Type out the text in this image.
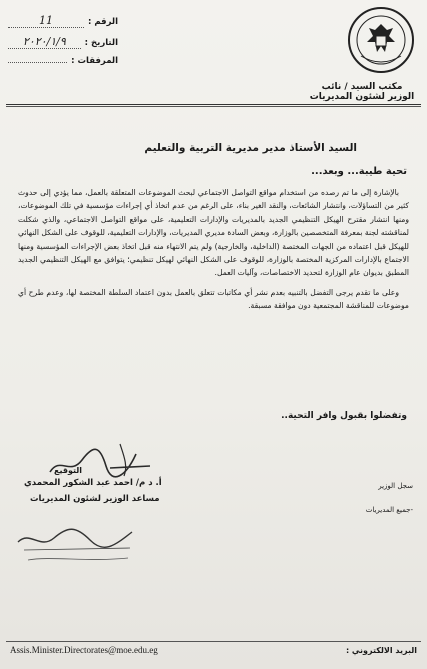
الرقم :
11
التاريخ :
٢٠٢٠/١/٩
المرفقات :
مكتب السيد / نائب الوزير لشئون المديريات
السيد الأستاذ مدير مديرية التربية والتعليم
تحية طيبة... وبعد...

بالإشارة إلى ما تم رصده من استخدام مواقع التواصل الاجتماعي لبحث الموضوعات المتعلقة بالعمل، مما يؤدي إلى حدوث كثير من التساؤلات، وانتشار الشائعات، والنقد الغير بناء، على الرغم من عدم اتخاذ أي إجراءات مؤسسية في تلك الموضوعات، ومنها انتشار مقترح الهيكل التنظيمي الجديد بالمديريات والإدارات التعليمية، على مواقع التواصل الاجتماعي، والذي شكلت لمناقشته لجنة بمعرفة المتخصصين بالوزارة، وبعض السادة مديري المديريات، والإدارات التعليمية، للوقوف على الشكل النهائي للهيكل قبل اعتماده من الجهات المختصة (الداخلية، والخارجية) ولم يتم الانتهاء منه قبل اتخاذ بعض الإجراءات المؤسسية ومنها الاجتماع بالإدارات المركزية المختصة بالوزارة، للوقوف على الشكل النهائي لهيكل تنظيمي؛ يتوافق مع الهيكل التنظيمي الجديد المطبق بديوان عام الوزارة لتحديد الاختصاصات، وآليات العمل.

وعلى ما تقدم يرجى التفضل بالتنبيه بعدم نشر أي مكاتبات تتعلق بالعمل بدون اعتماد السلطة المختصة لها، وعدم طرح أي موضوعات للمناقشة المجتمعية دون موافقة مسبقة.

وتفضلوا بقبول وافر التحية..
التوقيع
أ. د م/ احمد عبد الشكور المحمدي
مساعد الوزير لشئون المديريات
سجل الوزير
-جميع المديريات
Assis.Minister.Directorates@moe.edu.eg	البريد الالكتروني :
